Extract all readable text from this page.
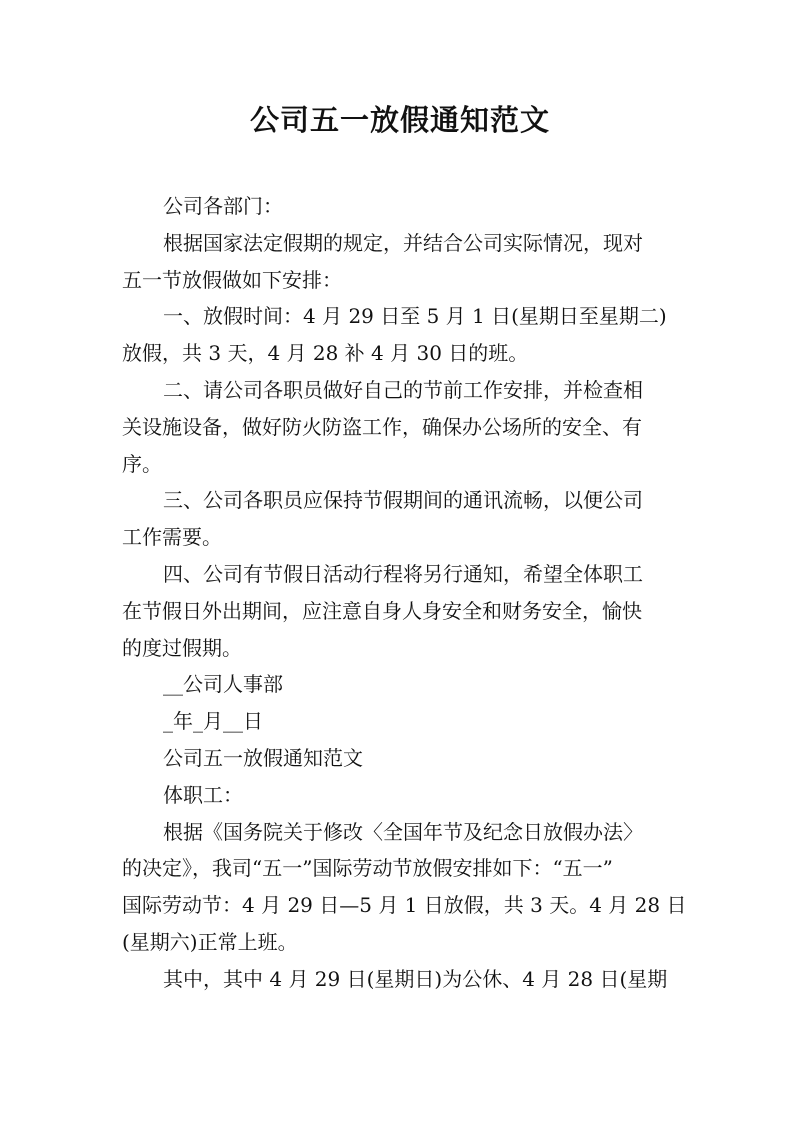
公司五一放假通知范文

公司各部门：

根据国家法定假期的规定，并结合公司实际情况，现对

五一节放假做如下安排：

一、放假时间：4 月 29 日至 5 月 1 日(星期日至星期二)

放假，共 3 天，4 月 28 补 4 月 30 日的班。

二、请公司各职员做好自己的节前工作安排，并检查相

关设施设备，做好防火防盗工作，确保办公场所的安全、有

序。

三、公司各职员应保持节假期间的通讯流畅，以便公司

工作需要。

四、公司有节假日活动行程将另行通知，希望全体职工

在节假日外出期间，应注意自身人身安全和财务安全，愉快

的度过假期。

__公司人事部

_年_月__日

公司五一放假通知范文

体职工：

根据《国务院关于修改〈全国年节及纪念日放假办法〉

的决定》，我司“五一”国际劳动节放假安排如下：“五一”

国际劳动节：4 月 29 日—5 月 1 日放假，共 3 天。4 月 28 日

(星期六)正常上班。

其中，其中 4 月 29 日(星期日)为公休、4 月 28 日(星期
